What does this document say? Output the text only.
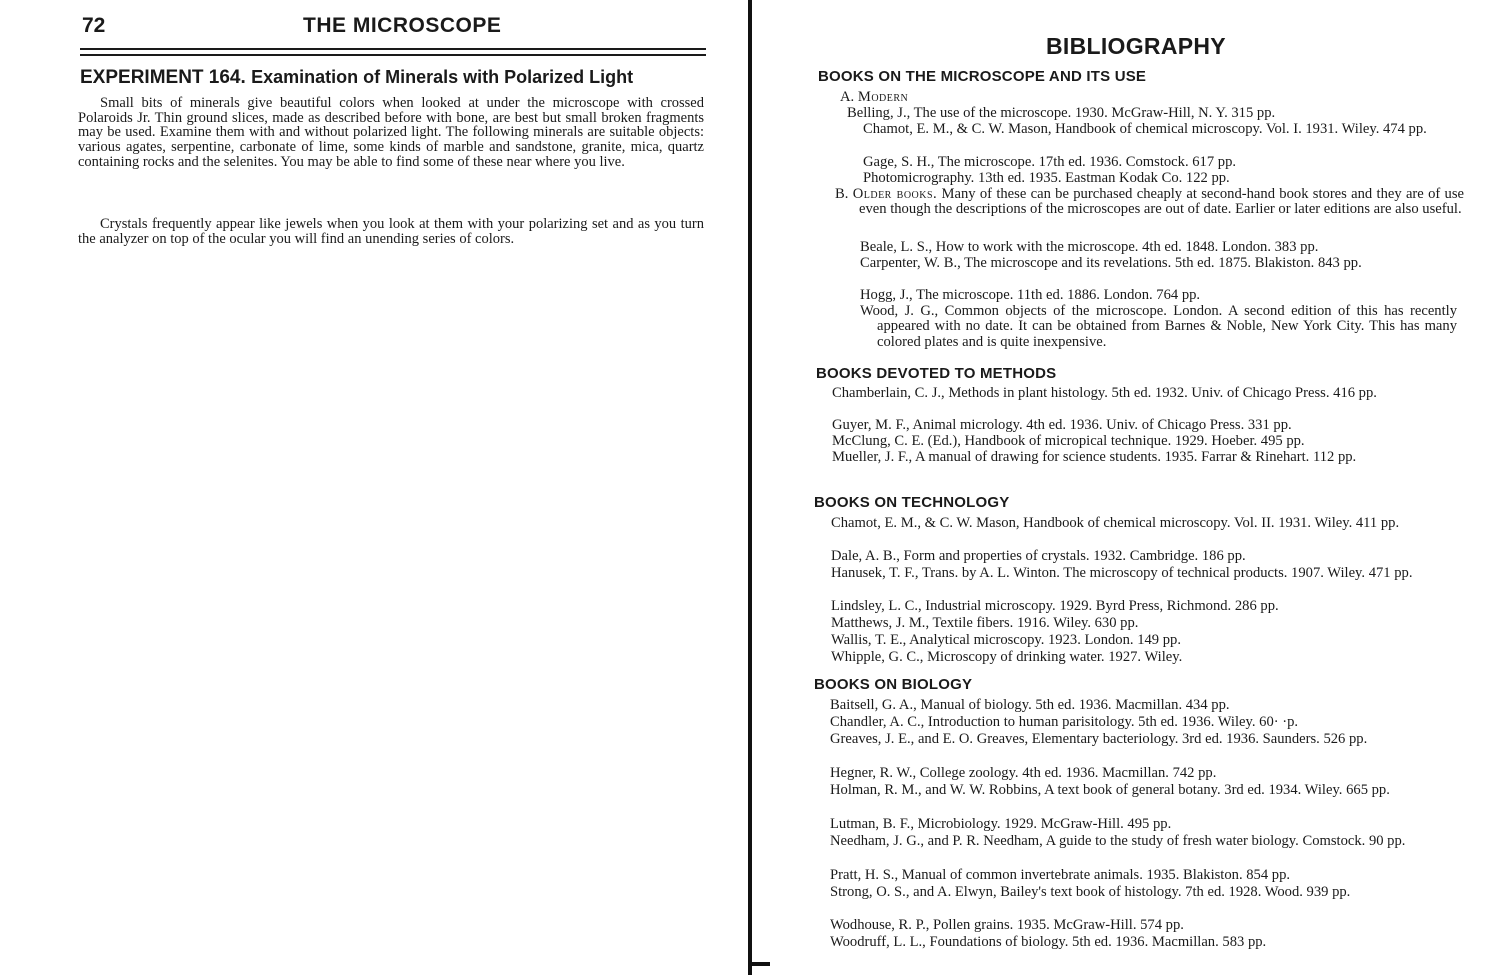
72	THE MICROSCOPE
EXPERIMENT 164. Examination of Minerals with Polarized Light

Small bits of minerals give beautiful colors when looked at under the microscope with crossed Polaroids Jr. Thin ground slices, made as described before with bone, are best but small broken fragments may be used. Examine them with and without polarized light. The following minerals are suitable objects: various agates, serpentine, carbonate of lime, some kinds of marble and sandstone, granite, mica, quartz containing rocks and the selenites. You may be able to find some of these near where you live.

Crystals frequently appear like jewels when you look at them with your polarizing set and as you turn the analyzer on top of the ocular you will find an unending series of colors.

BIBLIOGRAPHY
BOOKS ON THE MICROSCOPE AND ITS USE
A. Modern

Belling, J., The use of the microscope. 1930. McGraw-Hill, N. Y. 315 pp.

Chamot, E. M., & C. W. Mason, Handbook of chemical microscopy. Vol. I. 1931. Wiley. 474 pp.

Gage, S. H., The microscope. 17th ed. 1936. Comstock. 617 pp.

Photomicrography. 13th ed. 1935. Eastman Kodak Co. 122 pp.

B. Older books. Many of these can be purchased cheaply at second-hand book stores and they are of use even though the descriptions of the microscopes are out of date. Earlier or later editions are also useful.

Beale, L. S., How to work with the microscope. 4th ed. 1848. London. 383 pp.

Carpenter, W. B., The microscope and its revelations. 5th ed. 1875. Blakiston. 843 pp.

Hogg, J., The microscope. 11th ed. 1886. London. 764 pp.

Wood, J. G., Common objects of the microscope. London. A second edition of this has recently appeared with no date. It can be obtained from Barnes & Noble, New York City. This has many colored plates and is quite inexpensive.

BOOKS DEVOTED TO METHODS

Chamberlain, C. J., Methods in plant histology. 5th ed. 1932. Univ. of Chicago Press. 416 pp.

Guyer, M. F., Animal micrology. 4th ed. 1936. Univ. of Chicago Press. 331 pp.

McClung, C. E. (Ed.), Handbook of micropical technique. 1929. Hoeber. 495 pp.

Mueller, J. F., A manual of drawing for science students. 1935. Farrar & Rinehart. 112 pp.

BOOKS ON TECHNOLOGY

Chamot, E. M., & C. W. Mason, Handbook of chemical microscopy. Vol. II. 1931. Wiley. 411 pp.

Dale, A. B., Form and properties of crystals. 1932. Cambridge. 186 pp.

Hanusek, T. F., Trans. by A. L. Winton. The microscopy of technical products. 1907. Wiley. 471 pp.

Lindsley, L. C., Industrial microscopy. 1929. Byrd Press, Richmond. 286 pp.

Matthews, J. M., Textile fibers. 1916. Wiley. 630 pp.

Wallis, T. E., Analytical microscopy. 1923. London. 149 pp.

Whipple, G. C., Microscopy of drinking water. 1927. Wiley.

BOOKS ON BIOLOGY

Baitsell, G. A., Manual of biology. 5th ed. 1936. Macmillan. 434 pp.

Chandler, A. C., Introduction to human parisitology. 5th ed. 1936. Wiley. 60· ·p.

Greaves, J. E., and E. O. Greaves, Elementary bacteriology. 3rd ed. 1936. Saunders. 526 pp.

Hegner, R. W., College zoology. 4th ed. 1936. Macmillan. 742 pp.

Holman, R. M., and W. W. Robbins, A text book of general botany. 3rd ed. 1934. Wiley. 665 pp.

Lutman, B. F., Microbiology. 1929. McGraw-Hill. 495 pp.

Needham, J. G., and P. R. Needham, A guide to the study of fresh water biology. Comstock. 90 pp.

Pratt, H. S., Manual of common invertebrate animals. 1935. Blakiston. 854 pp.

Strong, O. S., and A. Elwyn, Bailey's text book of histology. 7th ed. 1928. Wood. 939 pp.

Wodhouse, R. P., Pollen grains. 1935. McGraw-Hill. 574 pp.

Woodruff, L. L., Foundations of biology. 5th ed. 1936. Macmillan. 583 pp.
